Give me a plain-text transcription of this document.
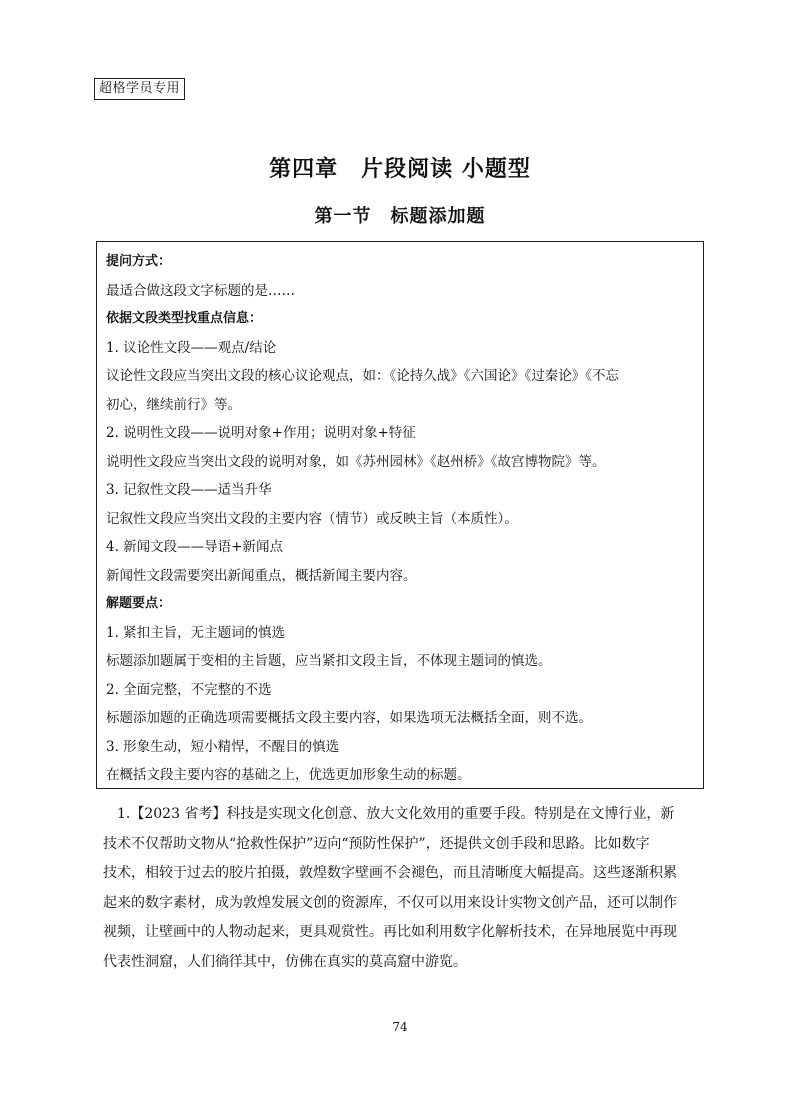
超格学员专用
第四章　片段阅读 小题型
第一节　标题添加题
提问方式：
最适合做这段文字标题的是……
依据文段类型找重点信息：
1. 议论性文段——观点/结论
议论性文段应当突出文段的核心议论观点，如：《论持久战》《六国论》《过秦论》《不忘
初心，继续前行》等。
2. 说明性文段——说明对象+作用；说明对象+特征
说明性文段应当突出文段的说明对象，如《苏州园林》《赵州桥》《故宫博物院》等。
3. 记叙性文段——适当升华
记叙性文段应当突出文段的主要内容（情节）或反映主旨（本质性）。
4. 新闻文段——导语+新闻点
新闻性文段需要突出新闻重点，概括新闻主要内容。
解题要点：
1. 紧扣主旨，无主题词的慎选
标题添加题属于变相的主旨题，应当紧扣文段主旨，不体现主题词的慎选。
2. 全面完整，不完整的不选
标题添加题的正确选项需要概括文段主要内容，如果选项无法概括全面，则不选。
3. 形象生动，短小精悍，不醒目的慎选
在概括文段主要内容的基础之上，优选更加形象生动的标题。
1.【2023 省考】科技是实现文化创意、放大文化效用的重要手段。特别是在文博行业，新
技术不仅帮助文物从“抢救性保护”迈向“预防性保护”，还提供文创手段和思路。比如数字
技术，相较于过去的胶片拍摄，敦煌数字壁画不会褪色，而且清晰度大幅提高。这些逐渐积累
起来的数字素材，成为敦煌发展文创的资源库，不仅可以用来设计实物文创产品，还可以制作
视频，让壁画中的人物动起来，更具观赏性。再比如利用数字化解析技术，在异地展览中再现
代表性洞窟，人们徜徉其中，仿佛在真实的莫高窟中游览。
74
